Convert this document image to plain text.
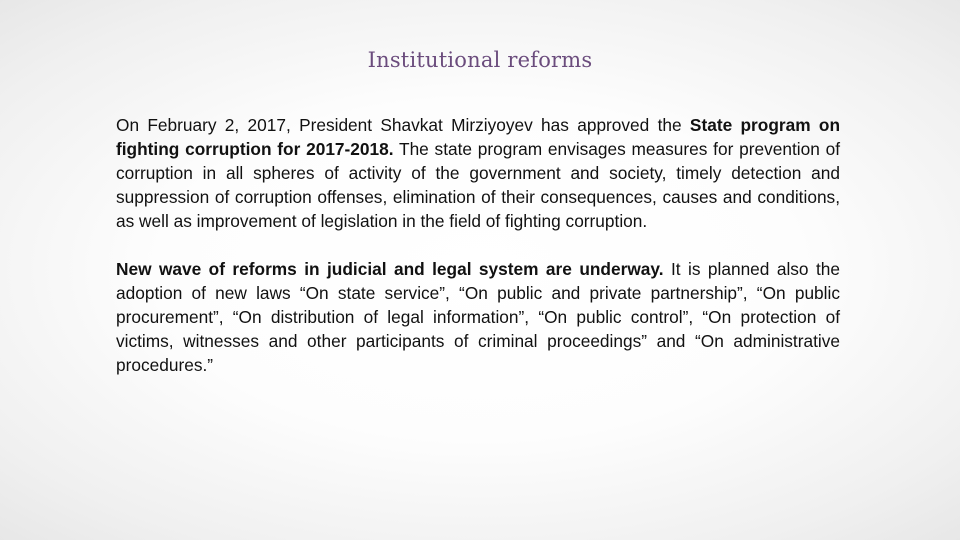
Institutional reforms

On February 2, 2017, President Shavkat Mirziyoyev has approved the State program on fighting corruption for 2017-2018. The state program envisages measures for prevention of corruption in all spheres of activity of the government and society, timely detection and suppression of corruption offenses, elimination of their consequences, causes and conditions, as well as improvement of legislation in the field of fighting corruption.

New wave of reforms in judicial and legal system are underway. It is planned also the adoption of new laws “On state service”, “On public and private partnership”, “On public procurement”, “On distribution of legal information”, “On public control”, “On protection of victims, witnesses and other participants of criminal proceedings” and “On administrative procedures.”
